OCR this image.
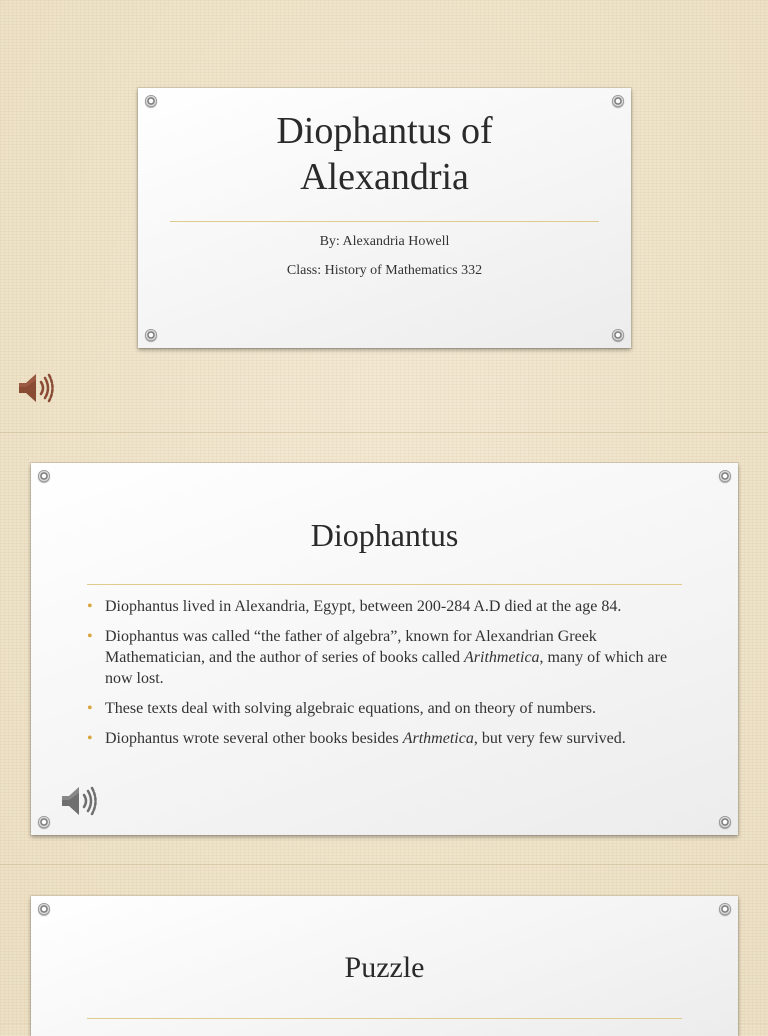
Diophantus of
Alexandria
By: Alexandria Howell
Class: History of Mathematics 332
Diophantus
• Diophantus lived in Alexandria, Egypt, between 200-284 A.D died at the age 84.
• Diophantus was called “the father of algebra”, known for Alexandrian Greek Mathematician, and the author of series of books called Arithmetica, many of which are now lost.
• These texts deal with solving algebraic equations, and on theory of numbers.
• Diophantus wrote several other books besides Arthmetica, but very few survived.
Puzzle
